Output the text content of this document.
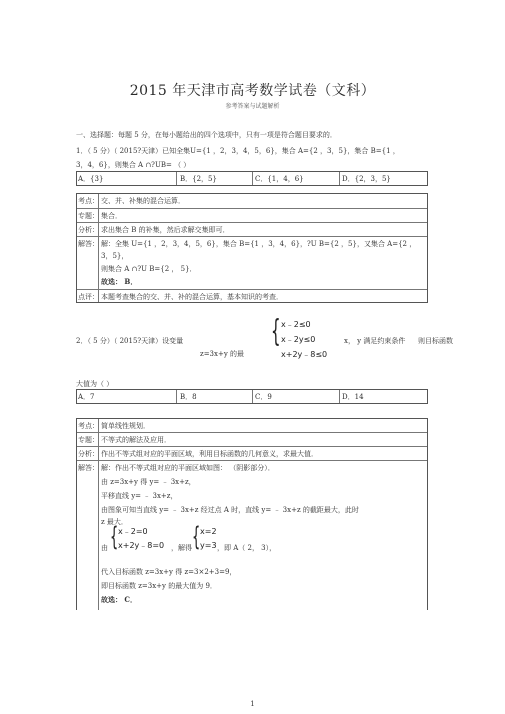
2015 年天津市高考数学试卷（文科）
参考答案与试题解析
一、选择题：每题 5 分，在每小题给出的四个选项中，只有一项是符合题目要求的．
1．（ 5 分）（ 2015?天津）已知全集U={1 ，2，3，4，5，6}，集合 A={2 ，3，5}，集合 B={1 ，
3，4，6}，则集合 A ∩?UB= （ ）
A．{3}	B．{2，5}	C．{1，4，6}	D．{2，3，5}
考点： 交、并、补集的混合运算．
专题： 集合．
分析： 求出集合 B 的补集，然后求解交集即可．
解答： 解：全集 U={1 ，2，3，4，5，6}，集合 B={1 ，3，4，6}，?U B={2 ，5}，又集合 A={2 ，
3，5}，
则集合 A ∩?U B={2 ， 5}．
故选： B．
点评： 本题考查集合的交、并、补的混合运算，基本知识的考查．
2．（ 5 分）（ 2015?天津）设变量	{ x﹣2≤0
x﹣2y≤0
x+2y﹣8≤0
x， y 满足约束条件 则目标函数
z=3x+y 的最
大值为（ ）
A．7	B．8	C．9	D．14
考点： 简单线性规划．
专题： 不等式的解法及应用．
分析： 作出不等式组对应的平面区域，利用目标函数的几何意义，求最大值．
解答： 解：作出不等式组对应的平面区域如图： （阴影部分）．
由 z=3x+y 得 y= ﹣ 3x+z，
平移直线 y= ﹣ 3x+z，
由图象可知当直线 y= ﹣ 3x+z 经过点 A 时，直线 y= ﹣ 3x+z 的截距最大，此时
z 最大．
由 { x﹣2=0
x+2y﹣8=0 ，解得 { x=2
y=3 ，即 A（ 2， 3），
代入目标函数 z=3x+y 得 z=3×2+3=9，
即目标函数 z=3x+y 的最大值为 9．
故选： C．
1
